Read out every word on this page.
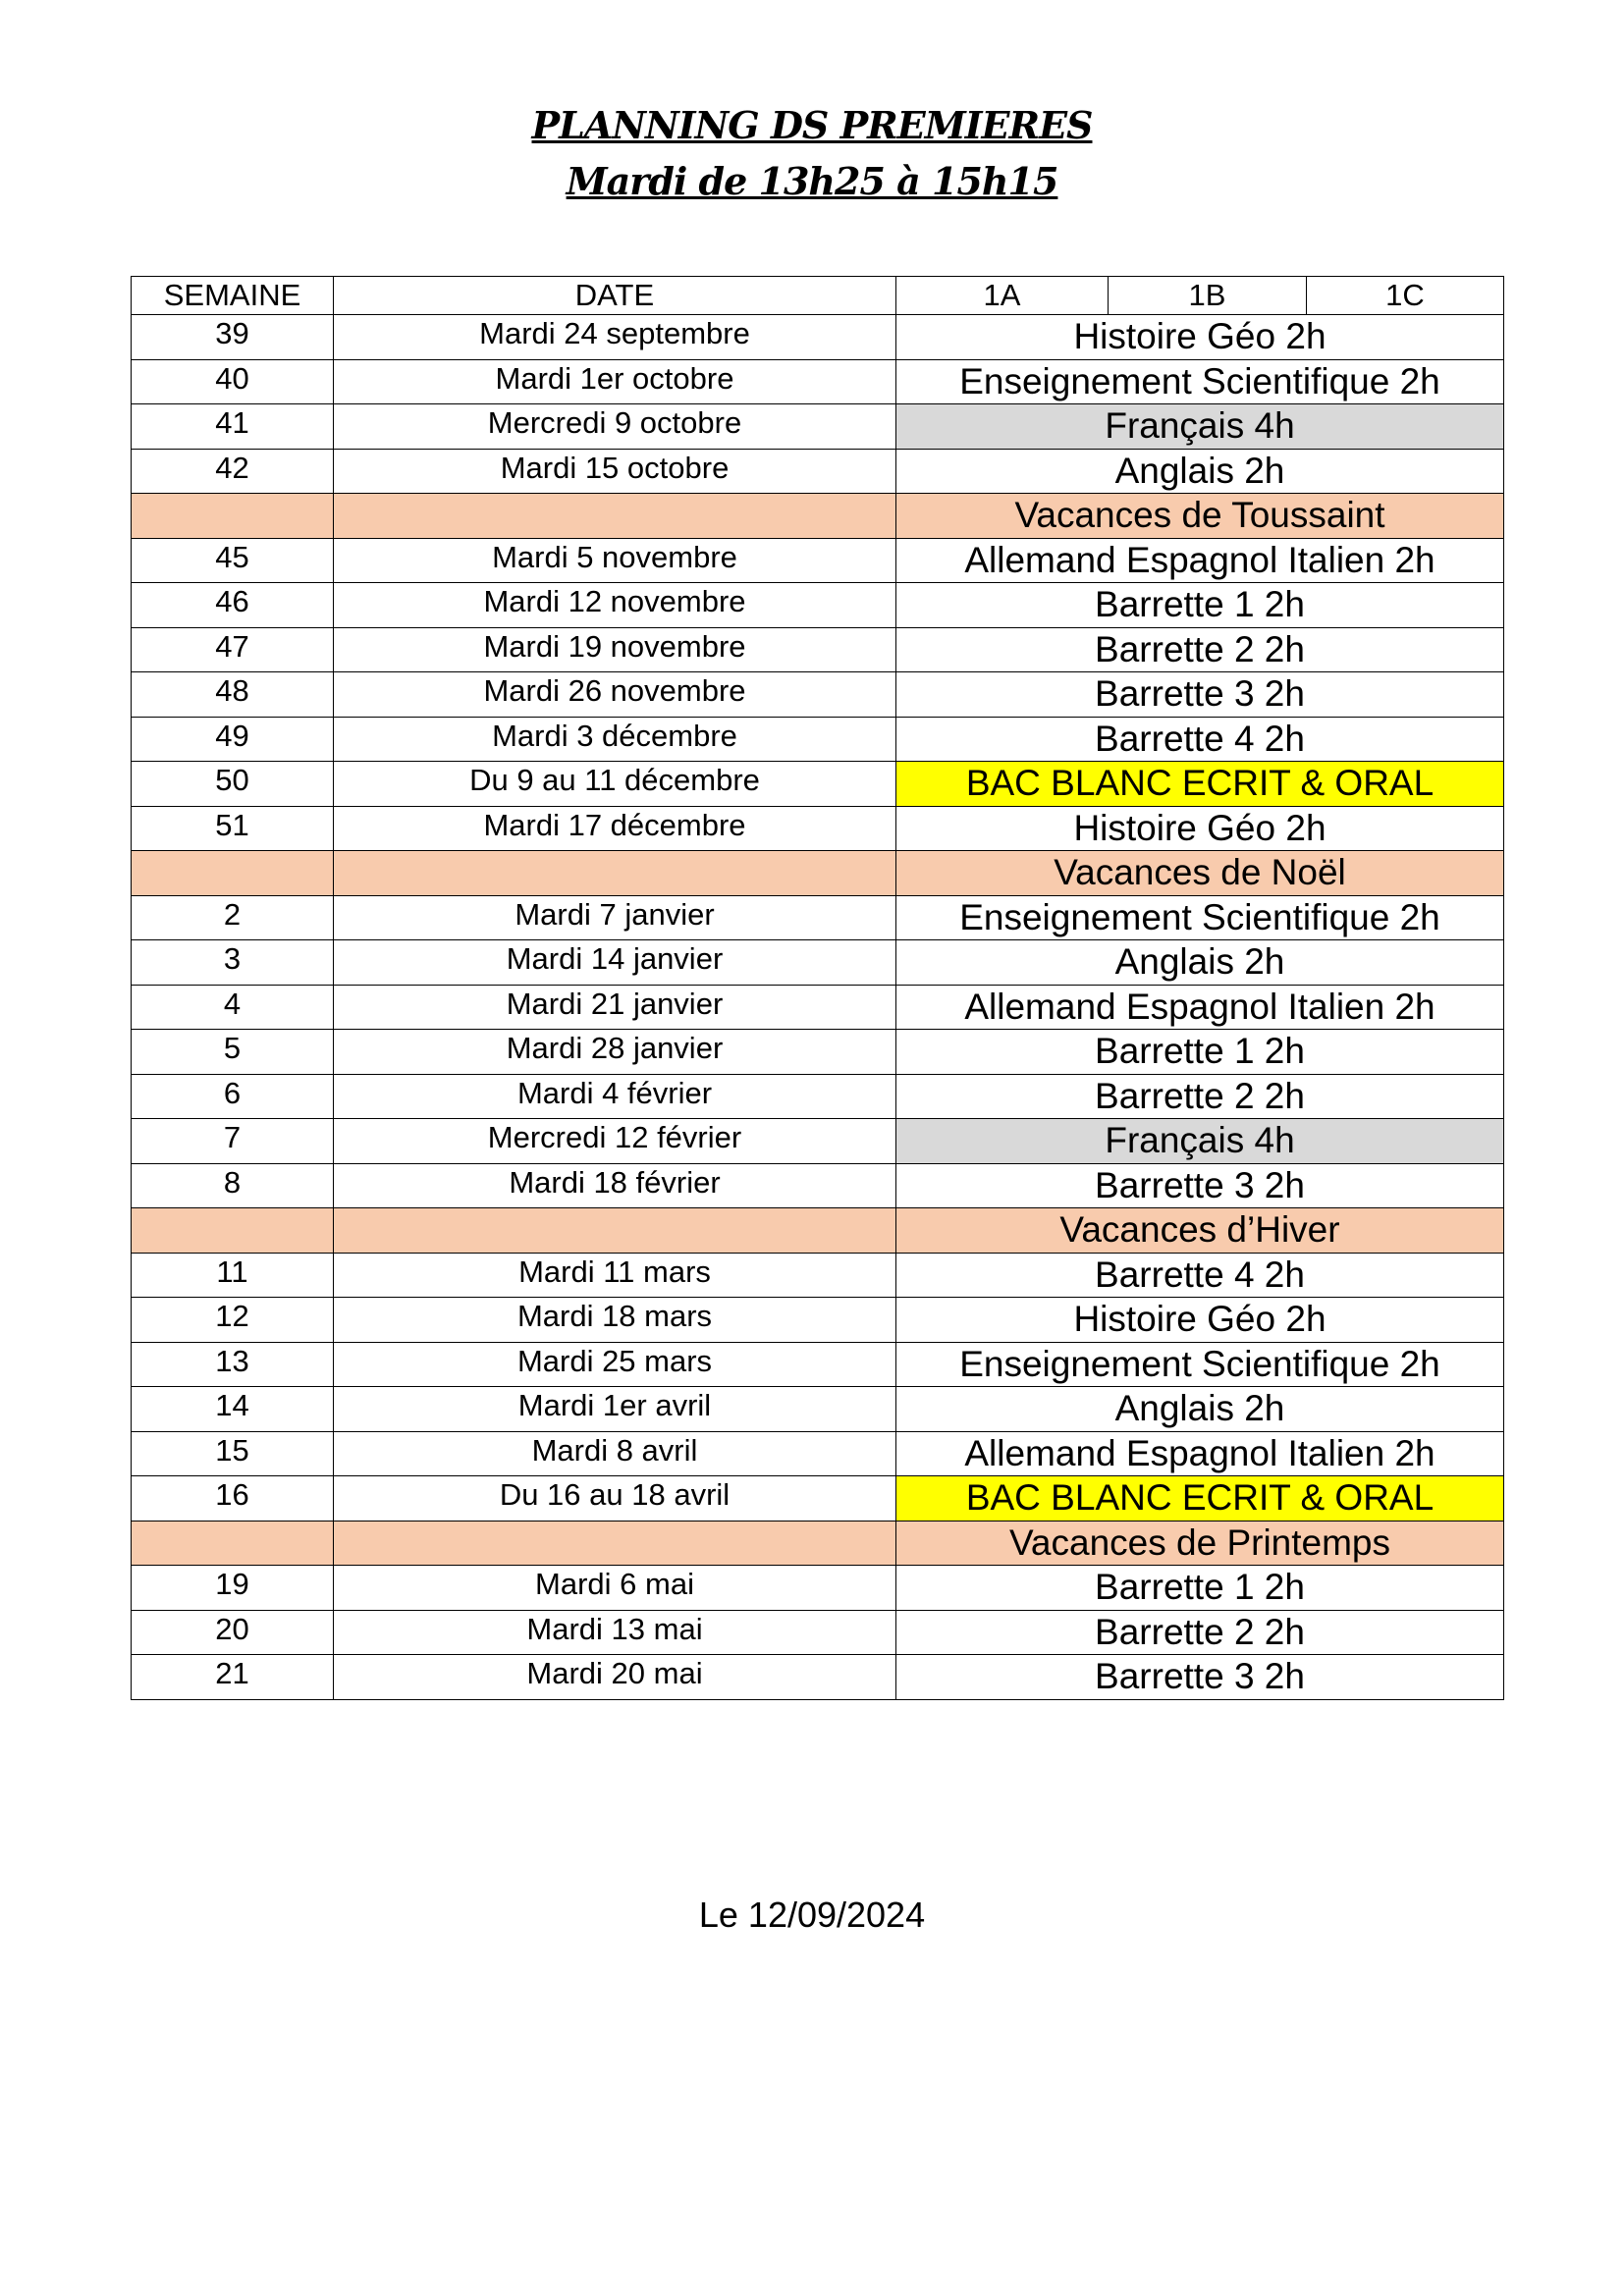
PLANNING DS PREMIERES
Mardi de 13h25 à 15h15
SEMAINE	DATE	1A	1B	1C
39	Mardi 24 septembre	Histoire Géo 2h		
40	Mardi 1er octobre	Enseignement Scientifique 2h		
41	Mercredi 9 octobre	Français 4h		
42	Mardi 15 octobre	Anglais 2h		
		Vacances de Toussaint		
45	Mardi 5 novembre	Allemand Espagnol Italien 2h		
46	Mardi 12 novembre	Barrette 1 2h		
47	Mardi 19 novembre	Barrette 2 2h		
48	Mardi 26 novembre	Barrette 3 2h		
49	Mardi 3 décembre	Barrette 4 2h		
50	Du 9 au 11 décembre	BAC BLANC ECRIT & ORAL		
51	Mardi 17 décembre	Histoire Géo 2h		
		Vacances de Noël		
2	Mardi 7 janvier	Enseignement Scientifique 2h		
3	Mardi 14 janvier	Anglais 2h		
4	Mardi 21 janvier	Allemand Espagnol Italien 2h		
5	Mardi 28 janvier	Barrette 1 2h		
6	Mardi 4 février	Barrette 2 2h		
7	Mercredi 12 février	Français 4h		
8	Mardi 18 février	Barrette 3 2h		
		Vacances d’Hiver		
11	Mardi 11 mars	Barrette 4 2h		
12	Mardi 18 mars	Histoire Géo 2h		
13	Mardi 25 mars	Enseignement Scientifique 2h		
14	Mardi 1er avril	Anglais 2h		
15	Mardi 8 avril	Allemand Espagnol Italien 2h		
16	Du 16 au 18 avril	BAC BLANC ECRIT & ORAL		
		Vacances de Printemps		
19	Mardi 6 mai	Barrette 1 2h		
20	Mardi 13 mai	Barrette 2 2h		
21	Mardi 20 mai	Barrette 3 2h		
Le 12/09/2024
